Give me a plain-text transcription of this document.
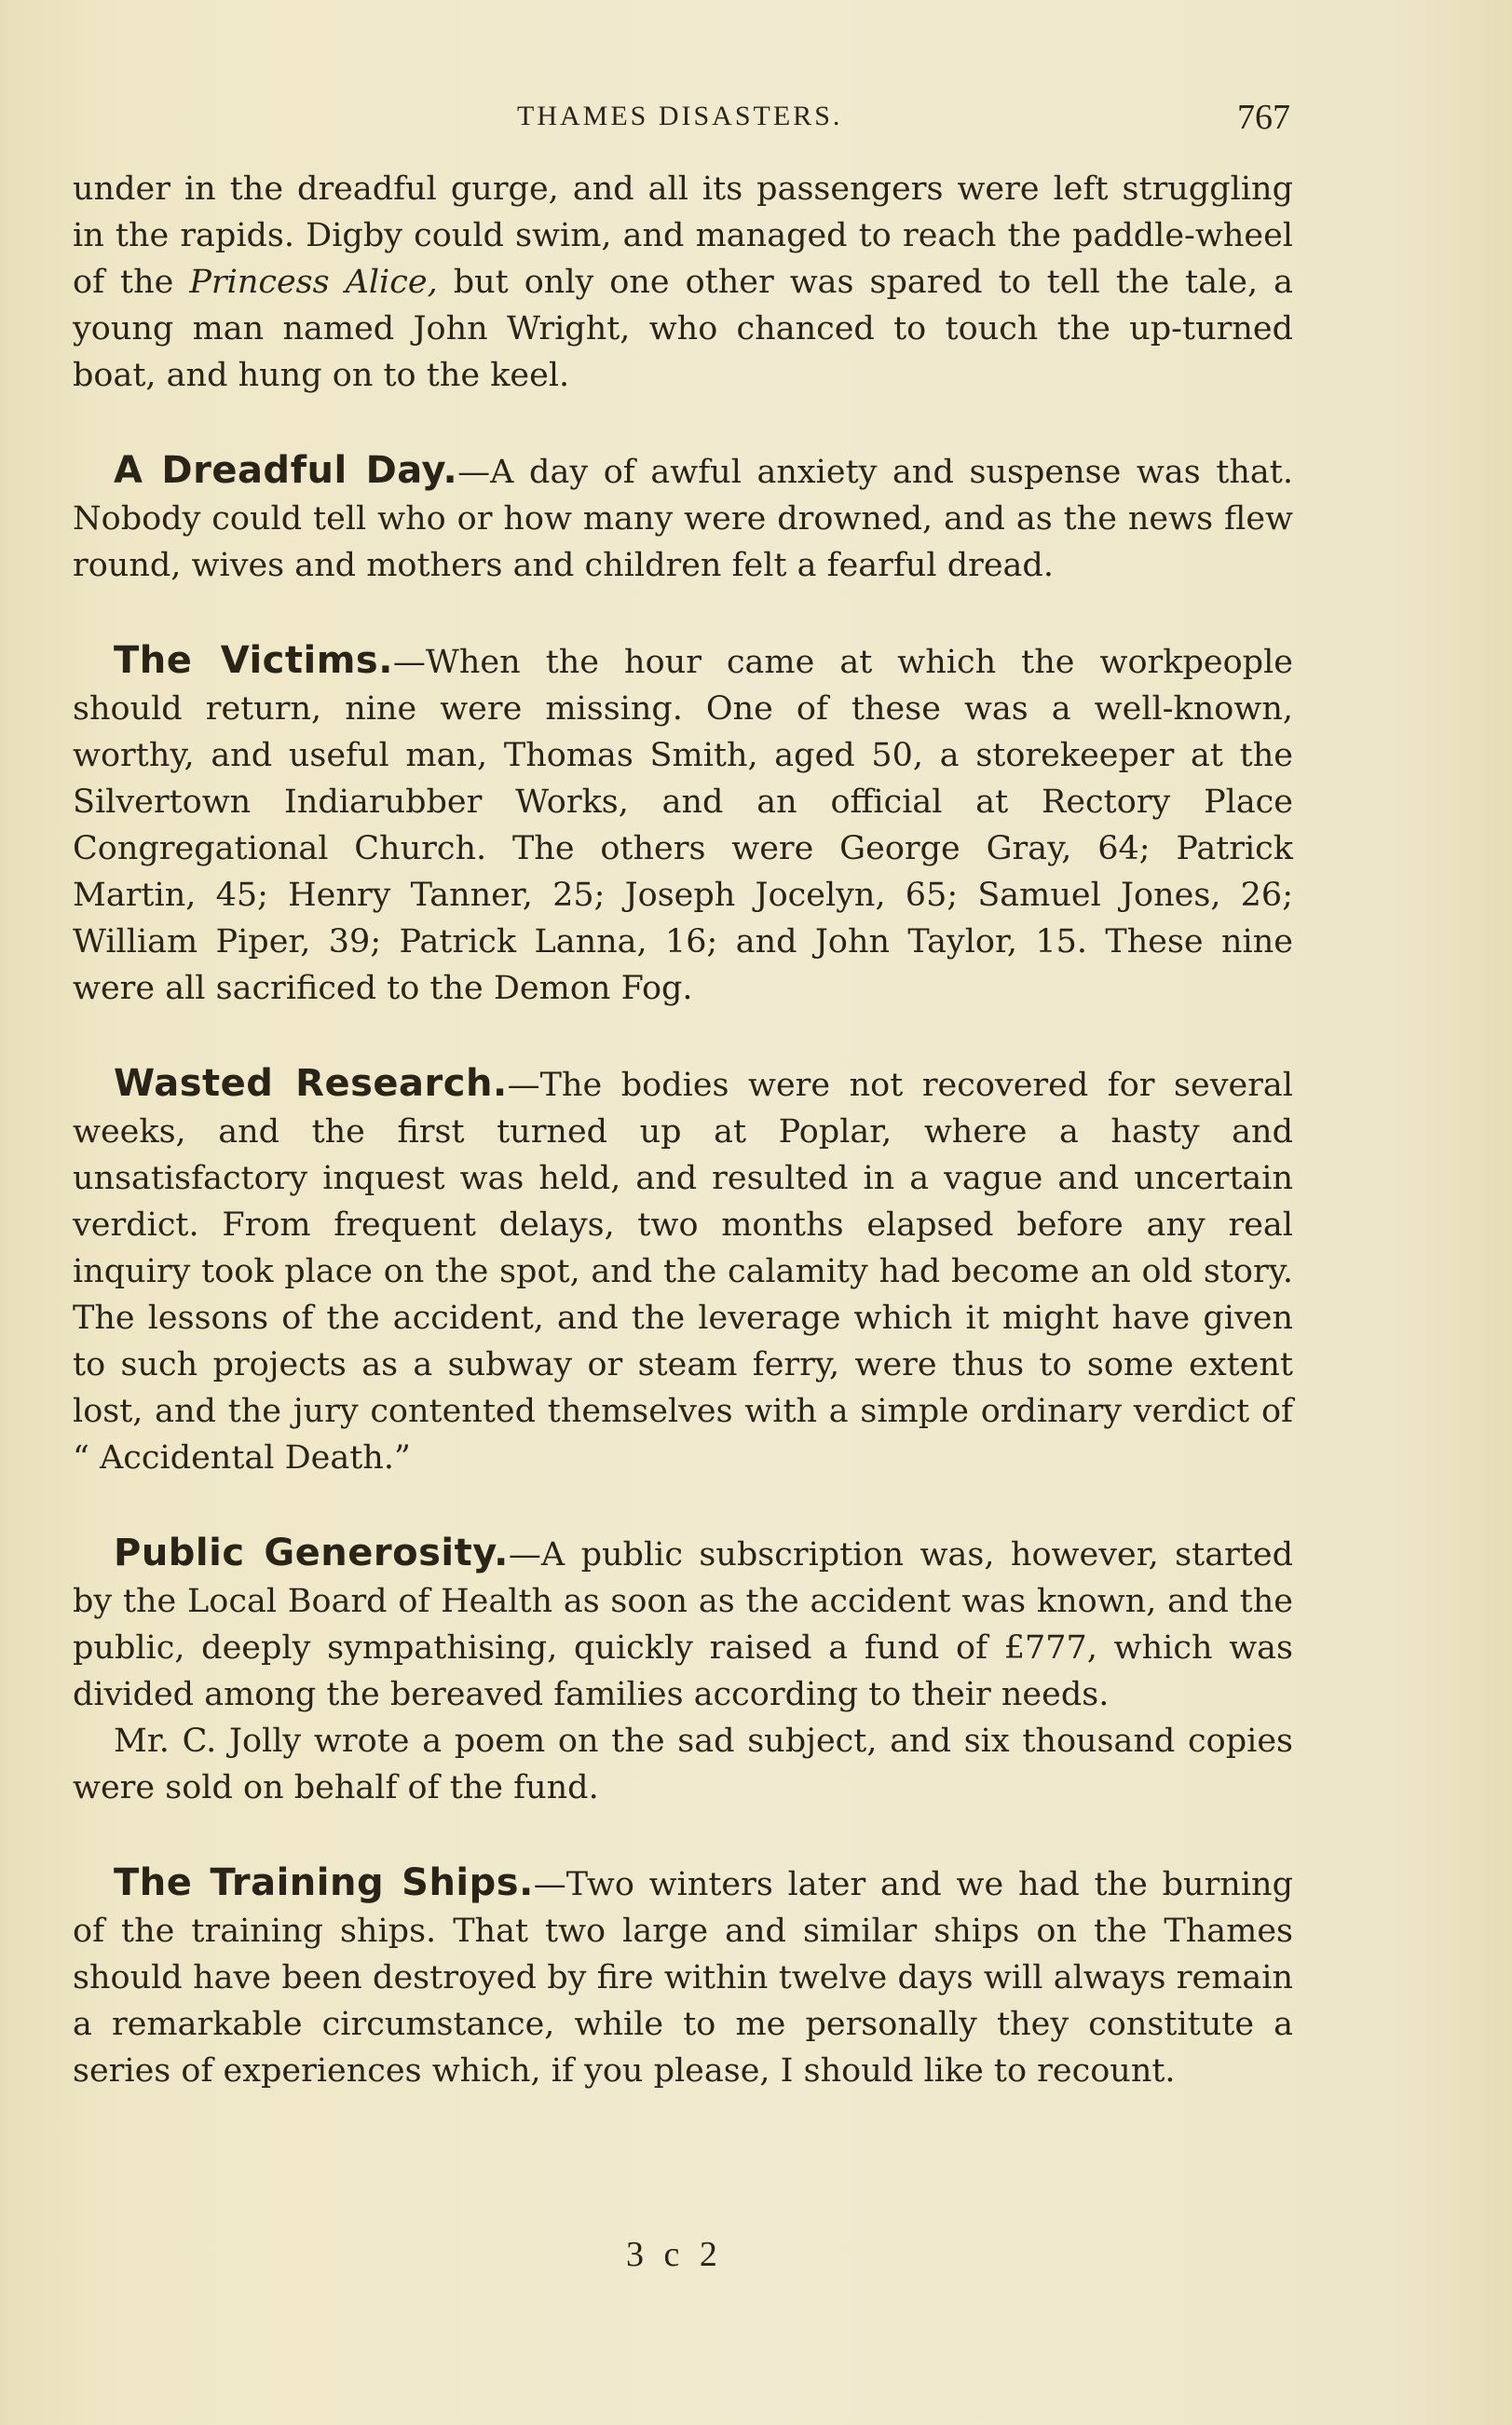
THAMES DISASTERS.	767

under in the dreadful gurge, and all its passengers were left struggling in the rapids. Digby could swim, and managed to reach the paddle-wheel of the Princess Alice, but only one other was spared to tell the tale, a young man named John Wright, who chanced to touch the up-turned boat, and hung on to the keel.

A Dreadful Day.—A day of awful anxiety and suspense was that. Nobody could tell who or how many were drowned, and as the news flew round, wives and mothers and children felt a fearful dread.

The Victims.—When the hour came at which the workpeople should return, nine were missing. One of these was a well-known, worthy, and useful man, Thomas Smith, aged 50, a storekeeper at the Silvertown Indiarubber Works, and an official at Rectory Place Congregational Church. The others were George Gray, 64; Patrick Martin, 45; Henry Tanner, 25; Joseph Jocelyn, 65; Samuel Jones, 26; William Piper, 39; Patrick Lanna, 16; and John Taylor, 15. These nine were all sacrificed to the Demon Fog.

Wasted Research.—The bodies were not recovered for several weeks, and the first turned up at Poplar, where a hasty and unsatisfactory inquest was held, and resulted in a vague and uncertain verdict. From frequent delays, two months elapsed before any real inquiry took place on the spot, and the calamity had become an old story. The lessons of the accident, and the leverage which it might have given to such projects as a subway or steam ferry, were thus to some extent lost, and the jury contented themselves with a simple ordinary verdict of “ Accidental Death.”

Public Generosity.—A public subscription was, however, started by the Local Board of Health as soon as the accident was known, and the public, deeply sympathising, quickly raised a fund of £777, which was divided among the bereaved families according to their needs.

Mr. C. Jolly wrote a poem on the sad subject, and six thousand copies were sold on behalf of the fund.

The Training Ships.—Two winters later and we had the burning of the training ships. That two large and similar ships on the Thames should have been destroyed by fire within twelve days will always remain a remarkable circumstance, while to me personally they constitute a series of experiences which, if you please, I should like to recount.

3 c 2
